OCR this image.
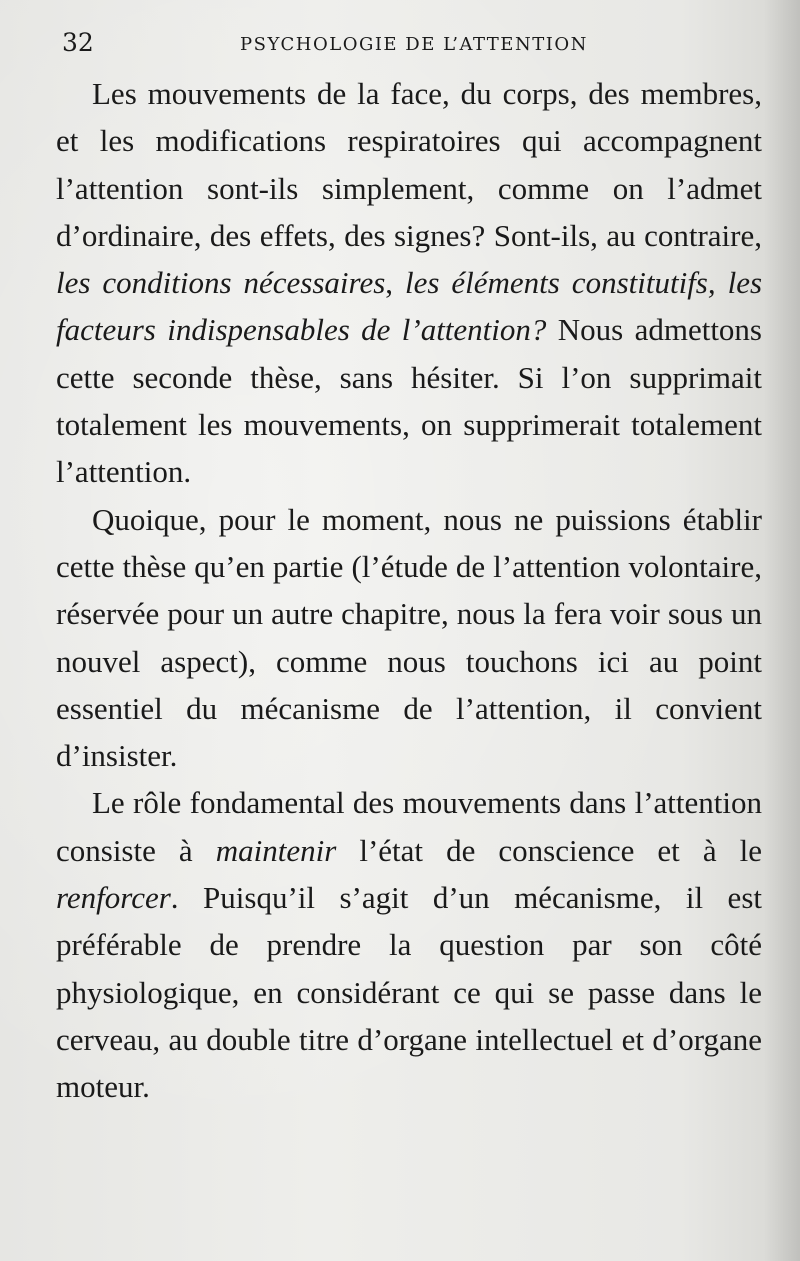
32	PSYCHOLOGIE DE L’ATTENTION

Les mouvements de la face, du corps, des membres, et les modifications respiratoires qui accompagnent l’attention sont-ils simplement, comme on l’admet d’ordinaire, des effets, des signes? Sont-ils, au contraire, les conditions nécessaires, les éléments constitutifs, les facteurs indispensables de l’attention? Nous admettons cette seconde thèse, sans hésiter. Si l’on supprimait totalement les mouvements, on supprimerait totalement l’attention.

Quoique, pour le moment, nous ne puissions établir cette thèse qu’en partie (l’étude de l’attention volontaire, réservée pour un autre chapitre, nous la fera voir sous un nouvel aspect), comme nous touchons ici au point essentiel du mécanisme de l’attention, il convient d’insister.

Le rôle fondamental des mouvements dans l’attention consiste à maintenir l’état de conscience et à le renforcer. Puisqu’il s’agit d’un mécanisme, il est préférable de prendre la question par son côté physiologique, en considérant ce qui se passe dans le cerveau, au double titre d’organe intellectuel et d’organe moteur.
